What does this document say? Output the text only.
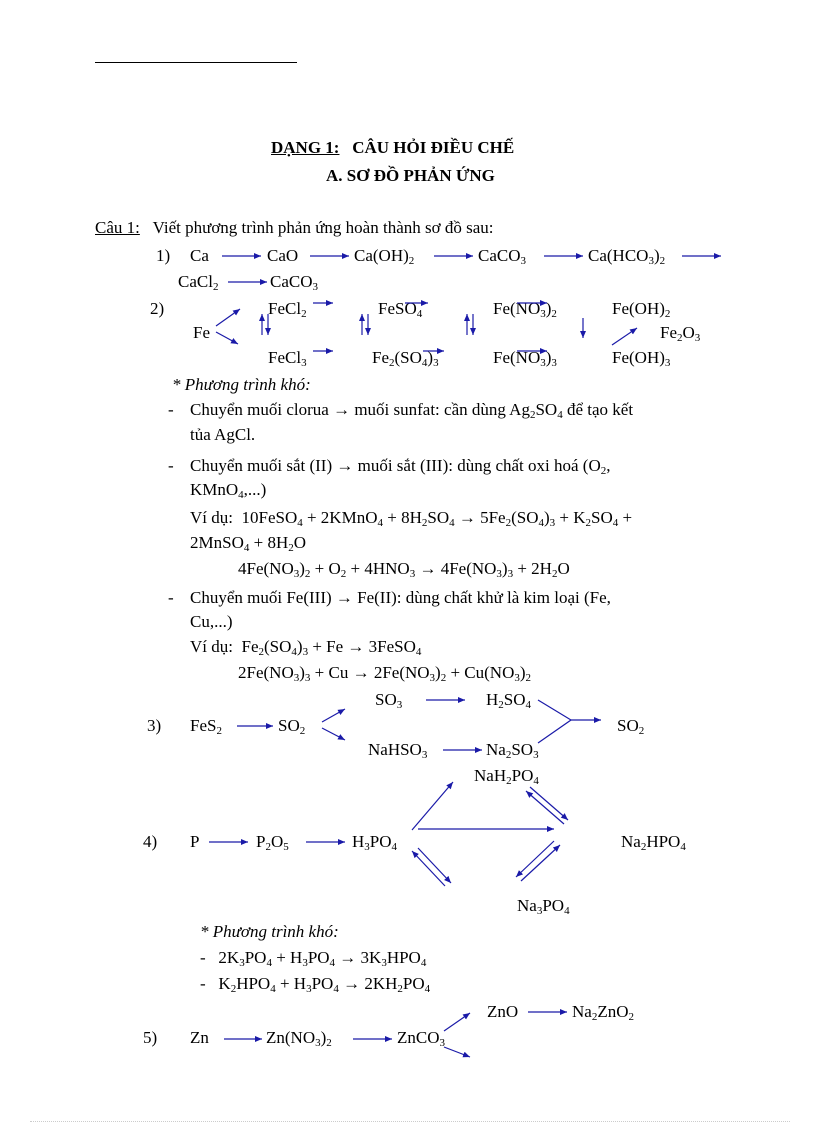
DẠNG 1: CÂU HỎI ĐIỀU CHẾ
A. SƠ ĐỒ PHẢN ỨNG
Câu 1: Viết phương trình phản ứng hoàn thành sơ đồ sau:
1) Ca	CaO	$Ca(OH)_2$	CaCO$_3$	$Ca(HCO_3)_2$
CaCl$_2$	CaCO$_3$
2)
Fe
FeCl$_2$	FeSO$_4$	$Fe(NO_3)_2$	$Fe(OH)_2$
$Fe_2O_3$
FeCl$_3$	$Fe_2(SO_4)_3$	$Fe(NO_3)_3$	$Fe(OH)_3$
* Phương trình khó:
- Chuyển muối clorua → muối sunfat: cần dùng $Ag_2SO_4$ để tạo kết
tủa AgCl.
- Chuyển muối sắt (II) → muối sắt (III): dùng chất oxi hoá ($O_2$,
KMnO$_4$,...)
Ví dụ:  10FeSO$_4$ + 2KMnO$_4$ + $8H_2SO_4 \to 5Fe_2(SO_4)_3 + K_2SO_4$ +
2MnSO$_4$ + $8H_2O$
$4Fe(NO_3)_2 + O_2 + 4HNO_3 \to 4Fe(NO_3)_3 + 2H_2O$
- Chuyển muối Fe(III) → Fe(II): dùng chất khử là kim loại (Fe,
Cu,...)
Ví dụ:  $Fe_2(SO_4)_3 + Fe$ → 3FeSO$_4$
$2Fe(NO_3)_3 + Cu \to 2Fe(NO_3)_2 + Cu(NO_3)_2$
3) FeS$_2$	$SO_2$
$SO_3$	$H_2SO_4$
$SO_2$
NaHSO$_3$	$Na_2SO_3$
$NaH_2PO_4$
4) P	$P_2O_5$	$H_3PO_4$	$Na_2HPO_4$
$Na_3PO_4$
* Phương trình khó:
-   $2K_3PO_4 + H_3PO_4 \to 3K_3HPO_4$
-   $K_2HPO_4 + H_3PO_4 \to 2KH_2PO_4$
ZnO	$Na_2ZnO_2$
5) Zn	$Zn(NO_3)_2$	ZnCO$_3$
